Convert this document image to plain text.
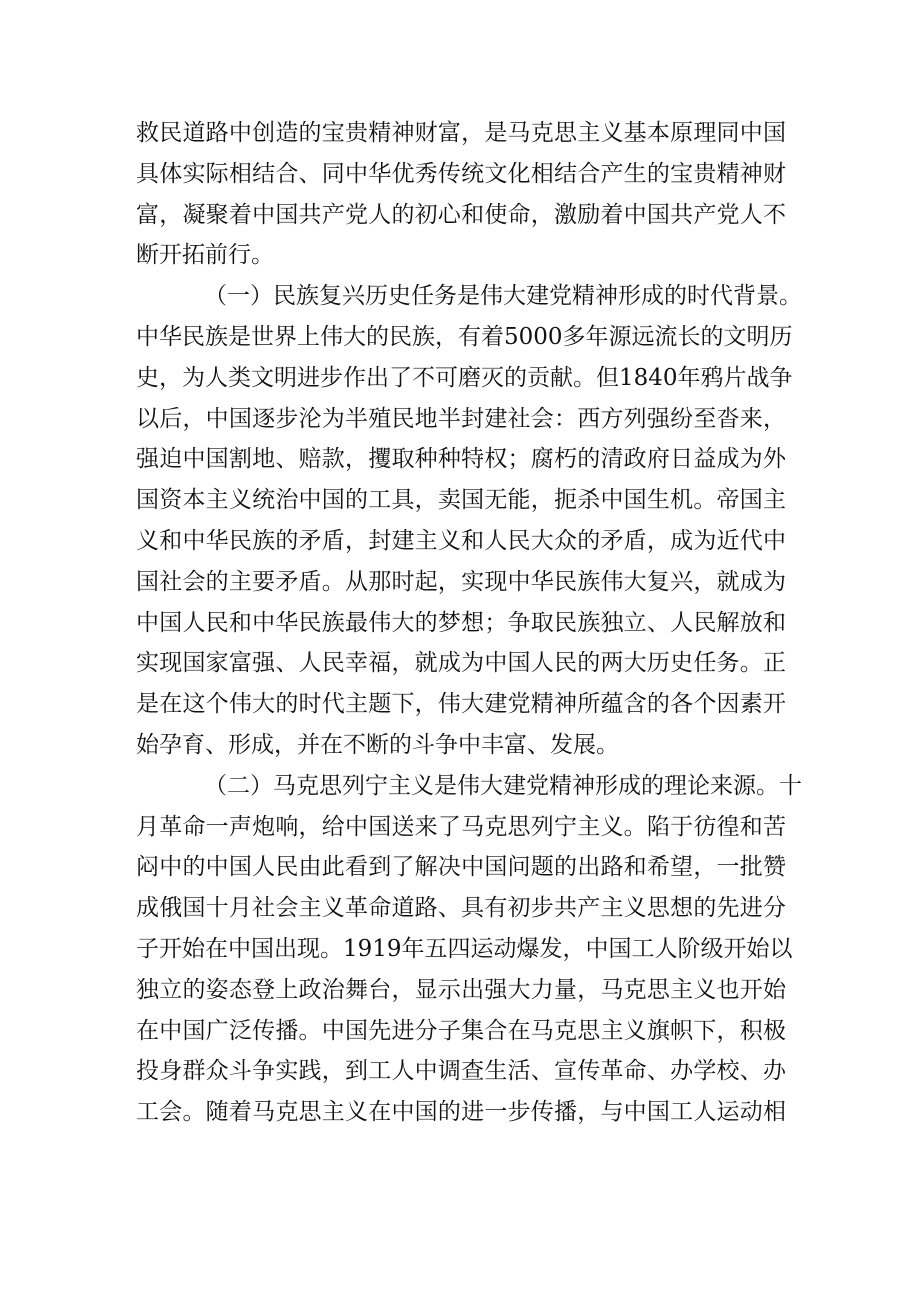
救民道路中创造的宝贵精神财富，是马克思主义基本原理同中国
具体实际相结合、同中华优秀传统文化相结合产生的宝贵精神财
富，凝聚着中国共产党人的初心和使命，激励着中国共产党人不
断开拓前行。
（一）民族复兴历史任务是伟大建党精神形成的时代背景。
中华民族是世界上伟大的民族，有着5000多年源远流长的文明历
史，为人类文明进步作出了不可磨灭的贡献。但1840年鸦片战争
以后，中国逐步沦为半殖民地半封建社会：西方列强纷至沓来，
强迫中国割地、赔款，攫取种种特权；腐朽的清政府日益成为外
国资本主义统治中国的工具，卖国无能，扼杀中国生机。帝国主
义和中华民族的矛盾，封建主义和人民大众的矛盾，成为近代中
国社会的主要矛盾。从那时起，实现中华民族伟大复兴，就成为
中国人民和中华民族最伟大的梦想；争取民族独立、人民解放和
实现国家富强、人民幸福，就成为中国人民的两大历史任务。正
是在这个伟大的时代主题下，伟大建党精神所蕴含的各个因素开
始孕育、形成，并在不断的斗争中丰富、发展。
（二）马克思列宁主义是伟大建党精神形成的理论来源。十
月革命一声炮响，给中国送来了马克思列宁主义。陷于彷徨和苦
闷中的中国人民由此看到了解决中国问题的出路和希望，一批赞
成俄国十月社会主义革命道路、具有初步共产主义思想的先进分
子开始在中国出现。1919年五四运动爆发，中国工人阶级开始以
独立的姿态登上政治舞台，显示出强大力量，马克思主义也开始
在中国广泛传播。中国先进分子集合在马克思主义旗帜下，积极
投身群众斗争实践，到工人中调查生活、宣传革命、办学校、办
工会。随着马克思主义在中国的进一步传播，与中国工人运动相
